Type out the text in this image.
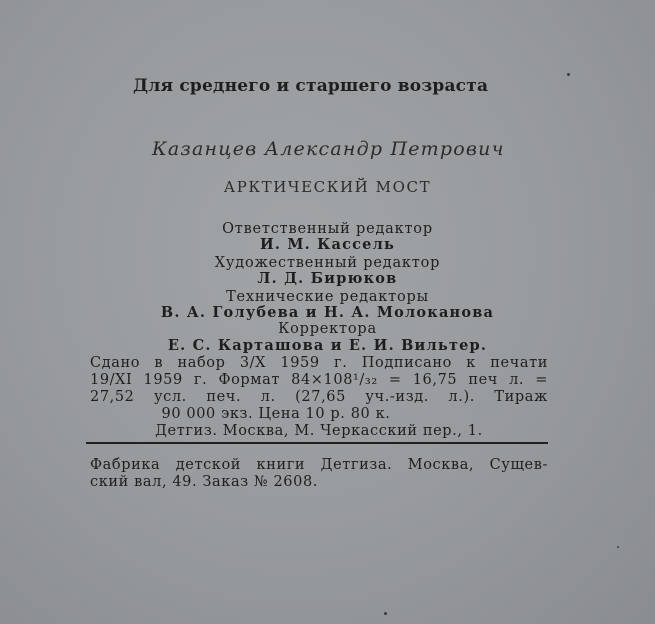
Для среднего и старшего возраста
Казанцев Александр Петрович
АРКТИЧЕСКИЙ МОСТ
Ответственный редактор
И. М. Кассель
Художественный редактор
Л. Д. Бирюков
Технические редакторы
В. А. Голубева и Н. А. Молоканова
Корректора
Е. С. Карташова и Е. И. Вильтер.
Сдано в набор 3/X 1959 г. Подписано к печати
19/XI 1959 г. Формат 84×108¹/₃₂ = 16,75 печ л. =
27,52 усл. печ. л. (27,65 уч.-изд. л.). Тираж
90 000 экз. Цена 10 р. 80 к.
Детгиз. Москва, М. Черкасский пер., 1.
Фабрика детской книги Детгиза. Москва, Сущев-
ский вал, 49. Заказ № 2608.
